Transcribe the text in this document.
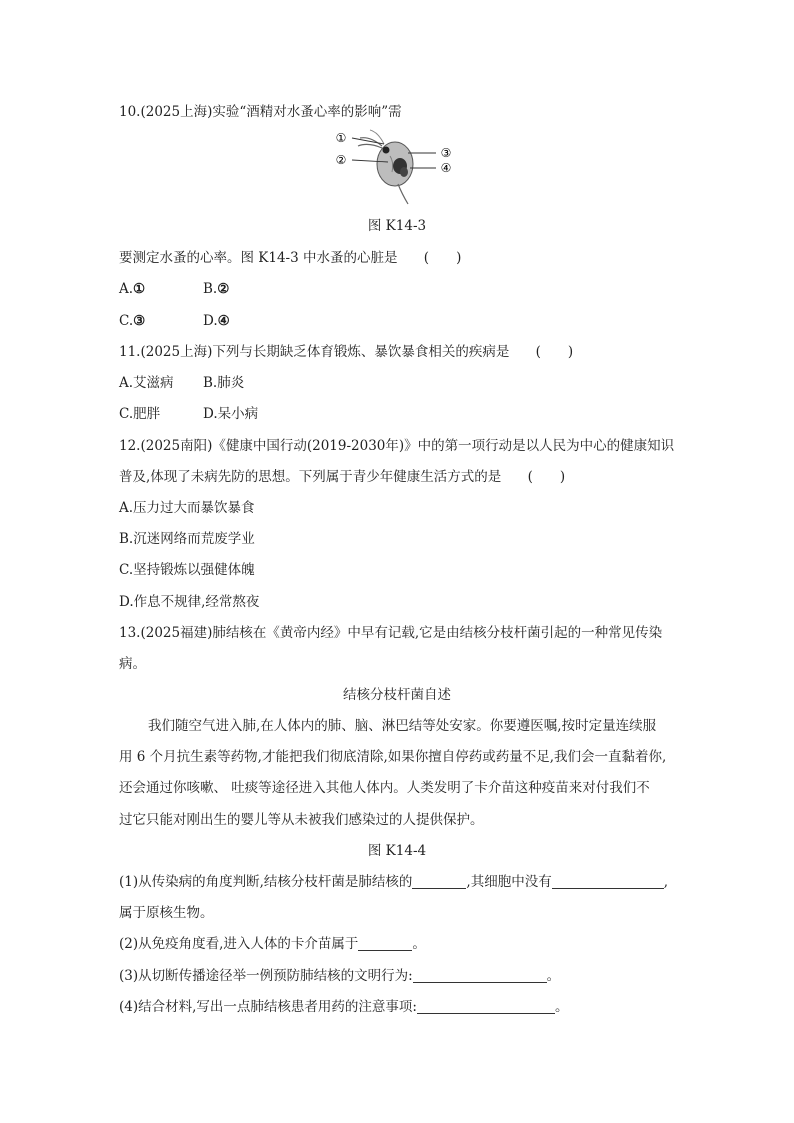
10.(2025上海)实验“酒精对水蚤心率的影响”需
①
②	③
④
图 K14-3
要测定水蚤的心率。图 K14-3 中水蚤的心脏是 (　　)
A.①	B.②
C.③	D.④
11.(2025上海)下列与长期缺乏体育锻炼、暴饮暴食相关的疾病是 (　　)
A.艾滋病 B.肺炎
C.肥胖	D.呆小病
12.(2025南阳)《健康中国行动(2019-2030年)》中的第一项行动是以人民为中心的健康知识
普及,体现了未病先防的思想。下列属于青少年健康生活方式的是 (　　)
A.压力过大而暴饮暴食
B.沉迷网络而荒废学业
C.坚持锻炼以强健体魄
D.作息不规律,经常熬夜
13.(2025福建)肺结核在《黄帝内经》中早有记载,它是由结核分枝杆菌引起的一种常见传染
病。
结核分枝杆菌自述
我们随空气进入肺,在人体内的肺、脑、淋巴结等处安家。你要遵医嘱,按时定量连续服
用 6 个月抗生素等药物,才能把我们彻底清除,如果你擅自停药或药量不足,我们会一直黏着你,
还会通过你咳嗽、 吐痰等途径进入其他人体内。人类发明了卡介苗这种疫苗来对付我们不
过它只能对刚出生的婴儿等从未被我们感染过的人提供保护。
图 K14-4
(1)从传染病的角度判断,结核分枝杆菌是肺结核的	,其细胞中没有	,
属于原核生物。
(2)从免疫角度看,进入人体的卡介苗属于	。
(3)从切断传播途径举一例预防肺结核的文明行为:	。
(4)结合材料,写出一点肺结核患者用药的注意事项:	。
